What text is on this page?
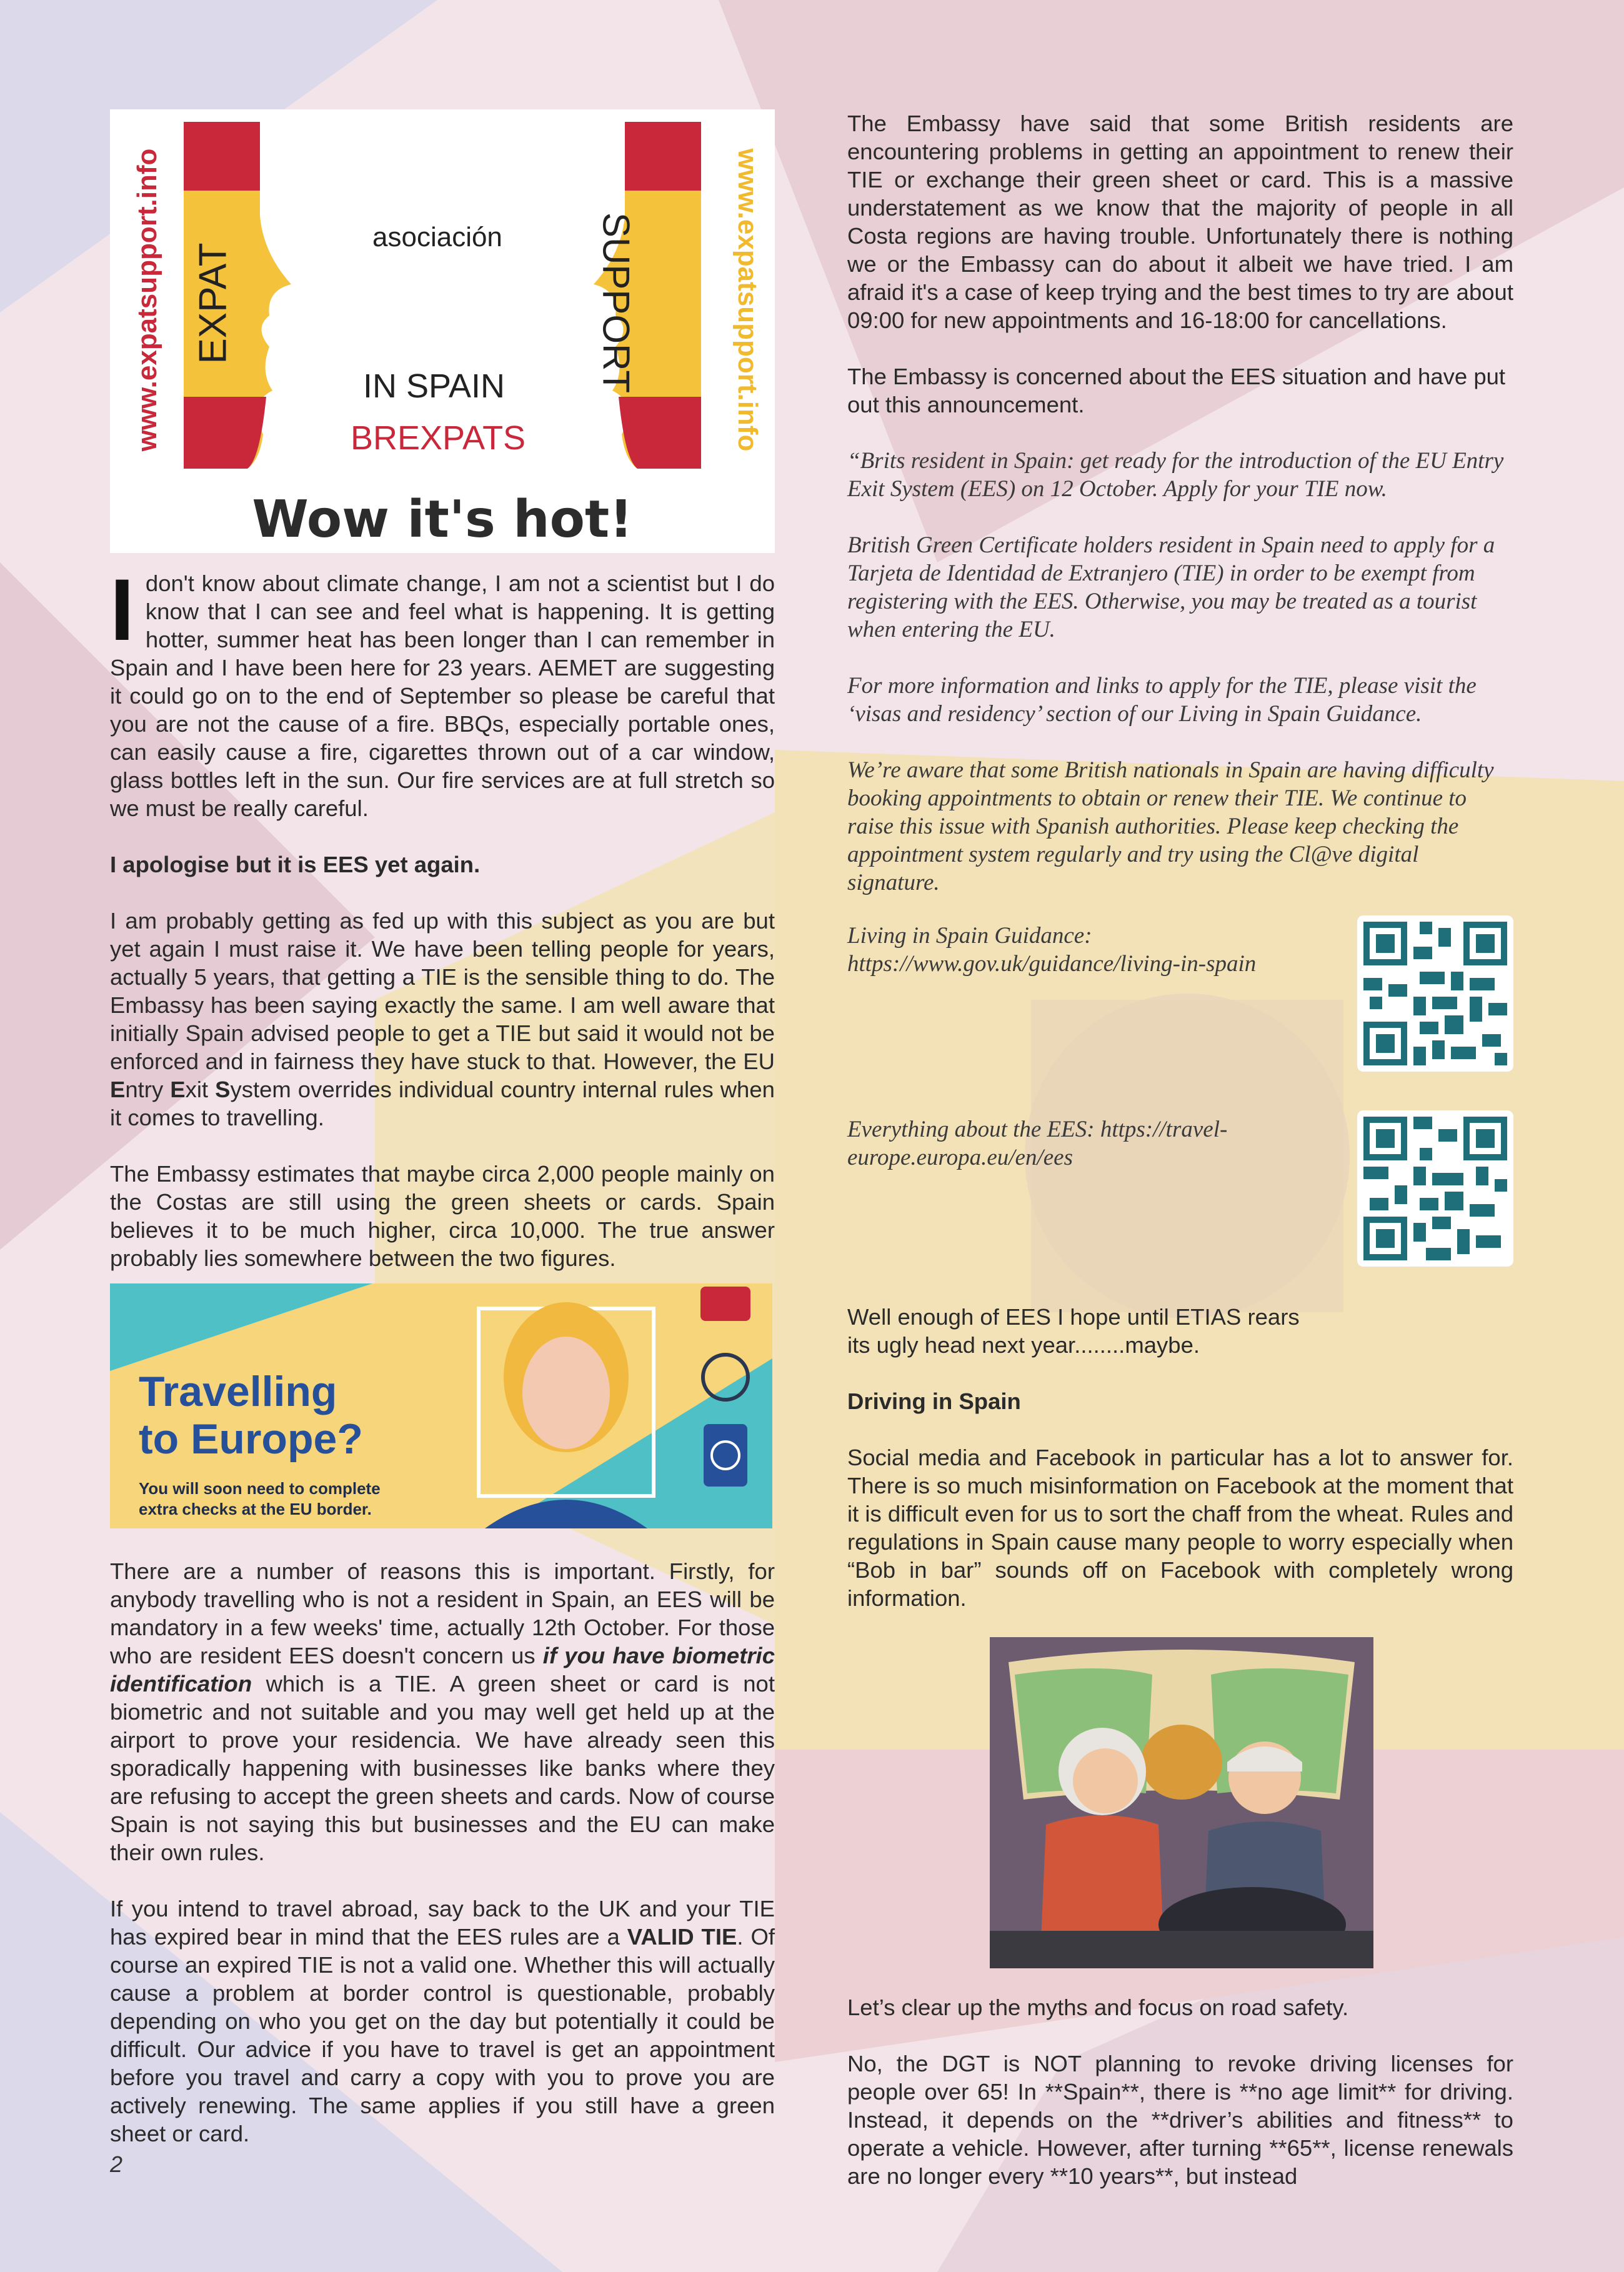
www.expatsupport.info	www.expatsupport.info
EXPAT	SUPPORT
asociación
IN SPAIN
BREXPATS
Wow it's hot!
Idon't know about climate change, I am not a scientist but I do know that I can see and feel what is happening. It is getting hotter, summer heat has been longer than I can remember in Spain and I have been here for 23 years. AEMET are suggesting it could go on to the end of September so please be careful that you are not the cause of a fire. BBQs, especially portable ones, can easily cause a fire, cigarettes thrown out of a car window, glass bottles left in the sun. Our fire services are at full stretch so we must be really careful.

I apologise but it is EES yet again.

I am probably getting as fed up with this subject as you are but yet again I must raise it. We have been telling people for years, actually 5 years, that getting a TIE is the sensible thing to do. The Embassy has been saying exactly the same. I am well aware that initially Spain advised people to get a TIE but said it would not be enforced and in fairness they have stuck to that. However, the EU Entry Exit System overrides individual country internal rules when it comes to travelling.

The Embassy estimates that maybe circa 2,000 people mainly on the Costas are still using the green sheets or cards. Spain believes it to be much higher, circa 10,000. The true answer probably lies somewhere between the two figures.

Travelling
to Europe?
You will soon need to complete
extra checks at the EU border.

There are a number of reasons this is important. Firstly, for anybody travelling who is not a resident in Spain, an EES will be mandatory in a few weeks' time, actually 12th October. For those who are resident EES doesn't concern us if you have biometric identification which is a TIE. A green sheet or card is not biometric and not suitable and you may well get held up at the airport to prove your residencia. We have already seen this sporadically happening with businesses like banks where they are refusing to accept the green sheets and cards. Now of course Spain is not saying this but businesses and the EU can make their own rules.

If you intend to travel abroad, say back to the UK and your TIE has expired bear in mind that the EES rules are a VALID TIE. Of course an expired TIE is not a valid one. Whether this will actually cause a problem at border control is questionable, probably depending on who you get on the day but potentially it could be difficult. Our advice if you have to travel is get an appointment before you travel and carry a copy with you to prove you are actively renewing. The same applies if you still have a green sheet or card.

The Embassy have said that some British residents are encountering problems in getting an appointment to renew their TIE or exchange their green sheet or card. This is a massive understatement as we know that the majority of people in all Costa regions are having trouble. Unfortunately there is nothing we or the Embassy can do about it albeit we have tried. I am afraid it's a case of keep trying and the best times to try are about 09:00 for new appointments and 16-18:00 for cancellations.

The Embassy is concerned about the EES situation and have put out this announcement.

“Brits resident in Spain: get ready for the introduction of the EU Entry Exit System (EES) on 12 October. Apply for your TIE now.

British Green Certificate holders resident in Spain need to apply for a Tarjeta de Identidad de Extranjero (TIE) in order to be exempt from registering with the EES. Otherwise, you may be treated as a tourist when entering the EU.

For more information and links to apply for the TIE, please visit the ‘visas and residency’ section of our Living in Spain Guidance.

We’re aware that some British nationals in Spain are having difficulty booking appointments to obtain or renew their TIE. We continue to raise this issue with Spanish authorities. Please keep checking the appointment system regularly and try using the Cl@ve digital signature.

Living in Spain Guidance:
https://www.gov.uk/guidance/living-in-spain

Everything about the EES: https://travel-
europe.europa.eu/en/ees

Well enough of EES I hope until ETIAS rears
its ugly head next year........maybe.

Driving in Spain

Social media and Facebook in particular has a lot to answer for. There is so much misinformation on Facebook at the moment that it is difficult even for us to sort the chaff from the wheat. Rules and regulations in Spain cause many people to worry especially when “Bob in bar” sounds off on Facebook with completely wrong information.

Let’s clear up the myths and focus on road safety.

No, the DGT is NOT planning to revoke driving licenses for people over 65! In **Spain**, there is **no age limit** for driving. Instead, it depends on the **driver’s abilities and fitness** to operate a vehicle. However, after turning **65**, license renewals are no longer every **10 years**, but instead

2
